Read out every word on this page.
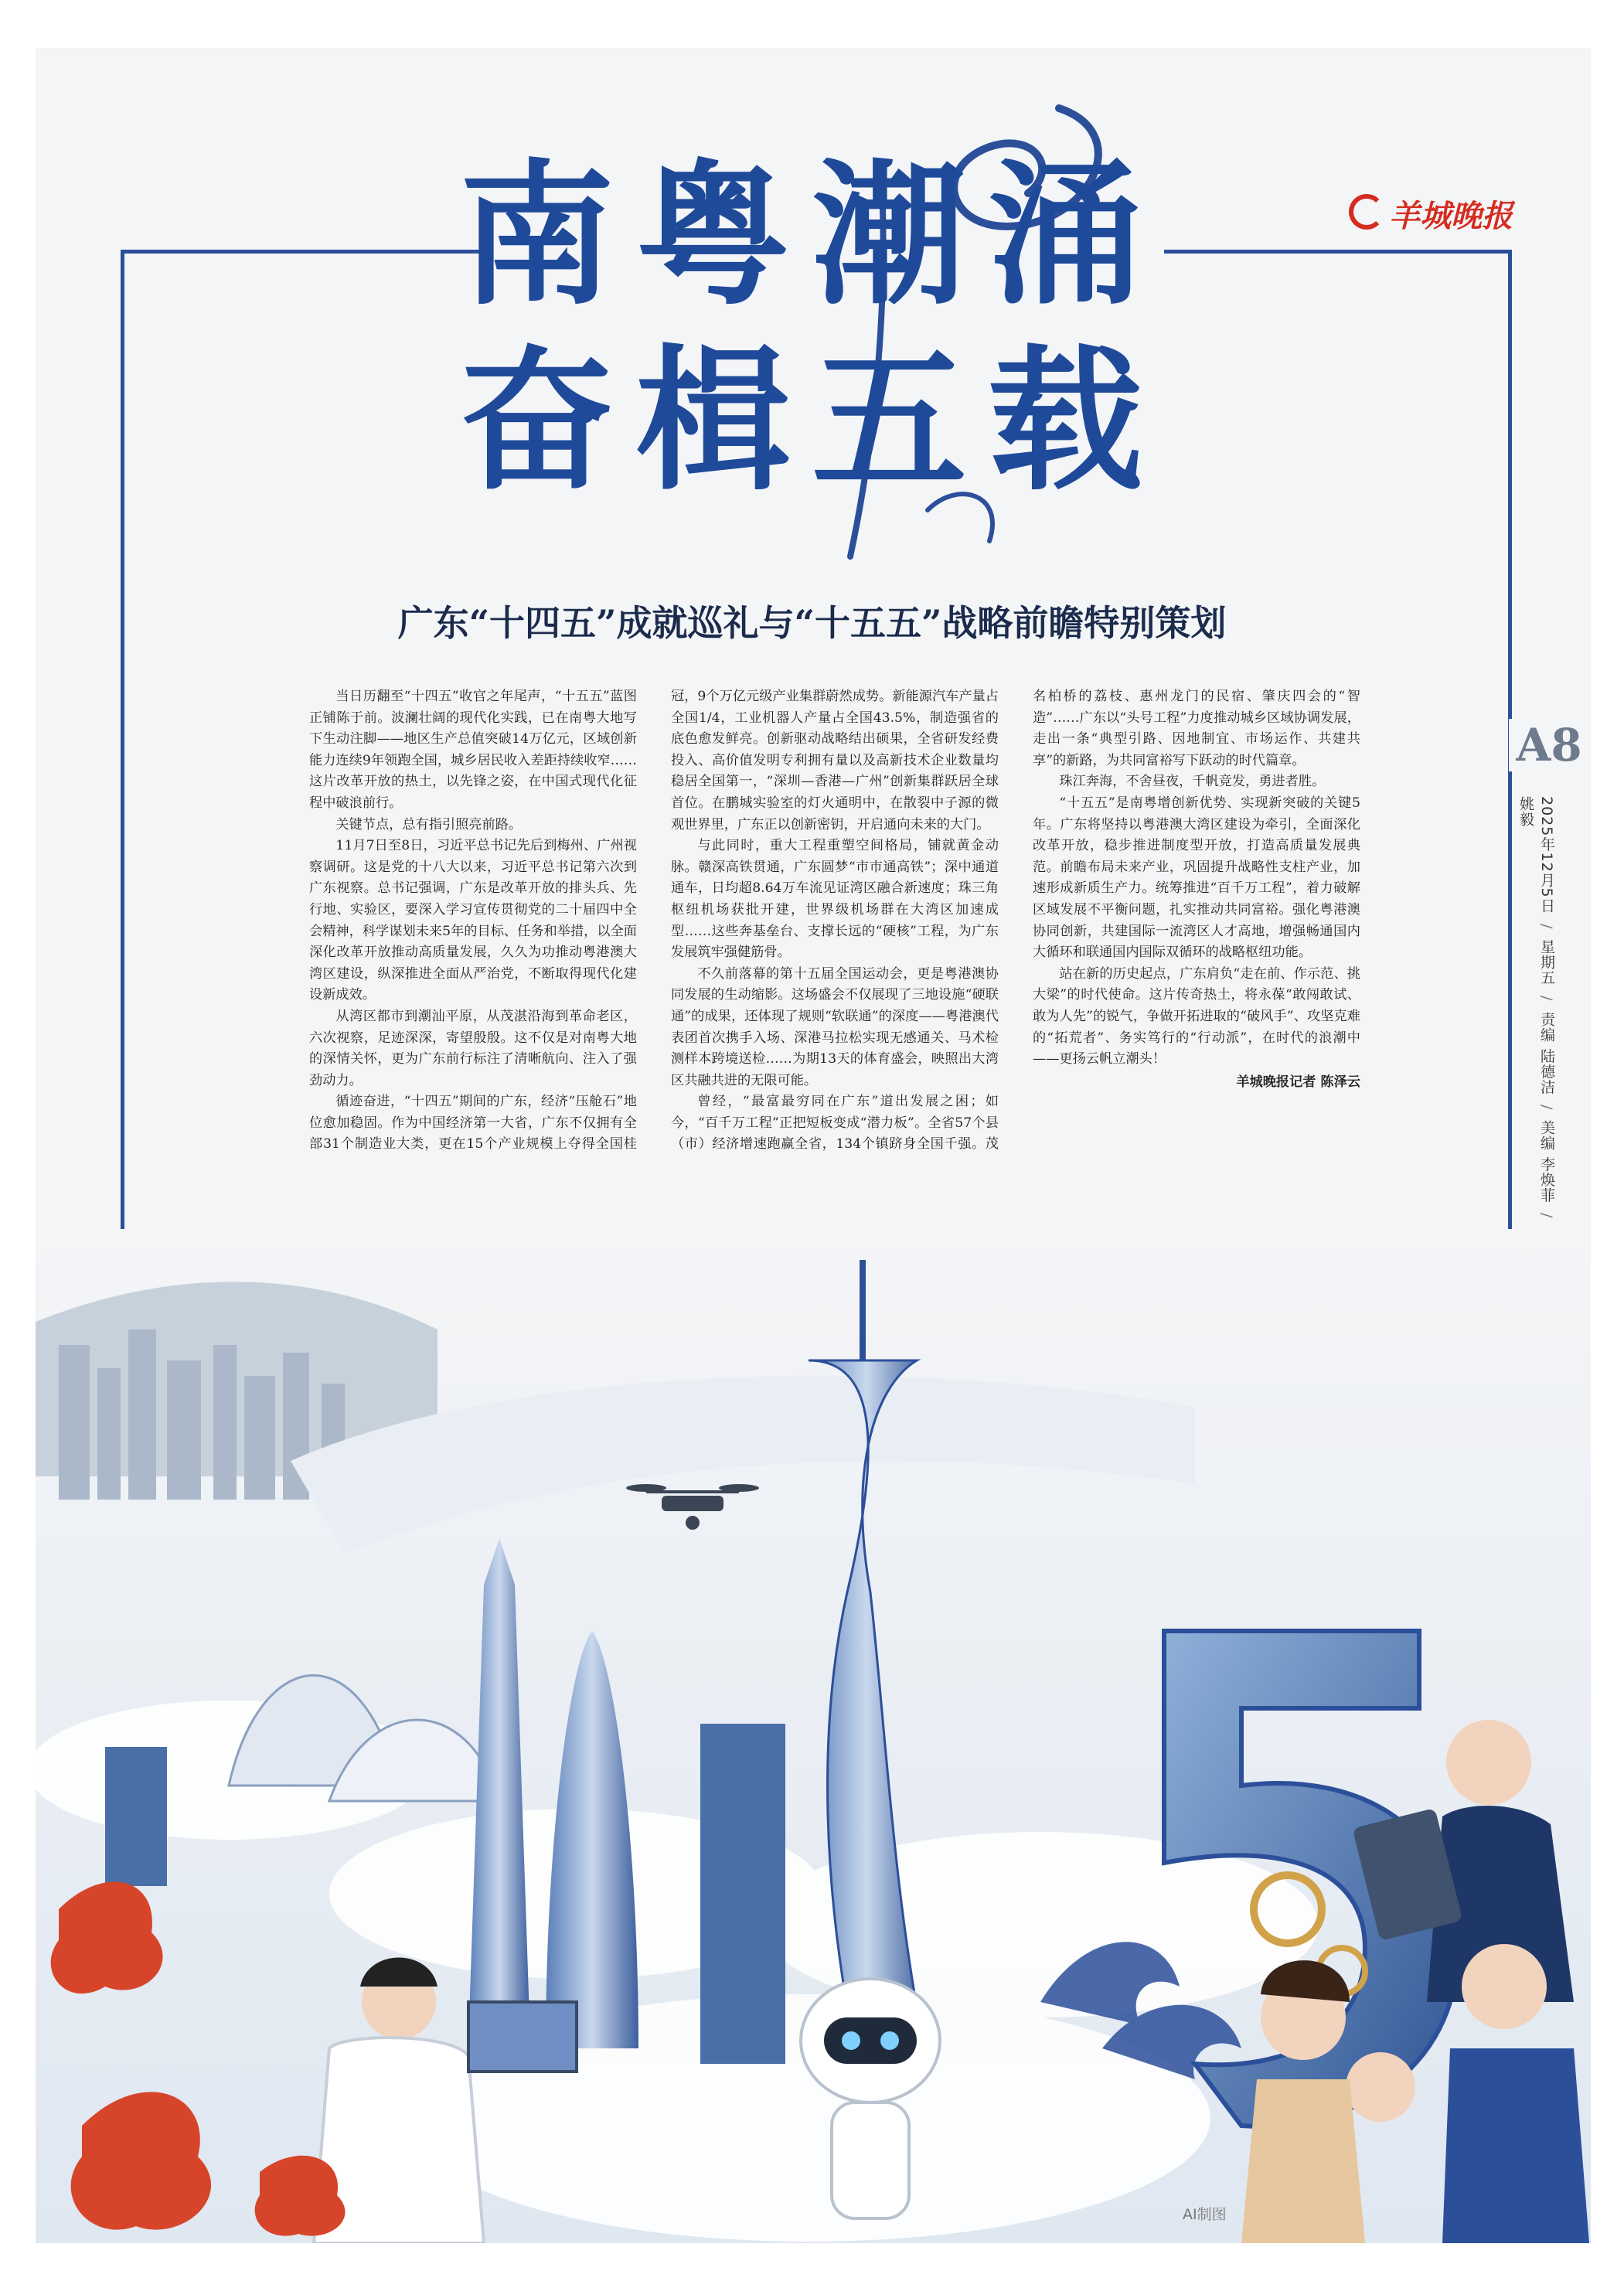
南粤潮涌
奋楫五载
羊城晚报
广东“十四五”成就巡礼与“十五五”战略前瞻特别策划
A8
2025年12月5日 / 星期五 / 责编 陆德洁 / 美编 李焕菲 / 姚毅

当日历翻至“十四五”收官之年尾声，“十五五”蓝图正铺陈于前。波澜壮阔的现代化实践，已在南粤大地写下生动注脚——地区生产总值突破14万亿元，区域创新能力连续9年领跑全国，城乡居民收入差距持续收窄……这片改革开放的热土，以先锋之姿，在中国式现代化征程中破浪前行。

关键节点，总有指引照亮前路。

11月7日至8日，习近平总书记先后到梅州、广州视察调研。这是党的十八大以来，习近平总书记第六次到广东视察。总书记强调，广东是改革开放的排头兵、先行地、实验区，要深入学习宣传贯彻党的二十届四中全会精神，科学谋划未来5年的目标、任务和举措，以全面深化改革开放推动高质量发展，久久为功推动粤港澳大湾区建设，纵深推进全面从严治党，不断取得现代化建设新成效。

从湾区都市到潮汕平原，从茂湛沿海到革命老区，六次视察，足迹深深，寄望殷殷。这不仅是对南粤大地的深情关怀，更为广东前行标注了清晰航向、注入了强劲动力。

循迹奋进，“十四五”期间的广东，经济“压舱石”地位愈加稳固。作为中国经济第一大省，广东不仅拥有全部31个制造业大类，更在15个产业规模上夺得全国桂冠，9个万亿元级产业集群蔚然成势。新能源汽车产量占全国1/4，工业机器人产量占全国43.5%，制造强省的底色愈发鲜亮。创新驱动战略结出硕果，全省研发经费投入、高价值发明专利拥有量以及高新技术企业数量均稳居全国第一，“深圳—香港—广州”创新集群跃居全球首位。在鹏城实验室的灯火通明中，在散裂中子源的微观世界里，广东正以创新密钥，开启通向未来的大门。

与此同时，重大工程重塑空间格局，铺就黄金动脉。赣深高铁贯通，广东圆梦“市市通高铁”；深中通道通车，日均超8.64万车流见证湾区融合新速度；珠三角枢纽机场获批开建，世界级机场群在大湾区加速成型……这些奔基垒台、支撑长远的“硬核”工程，为广东发展筑牢强健筋骨。

不久前落幕的第十五届全国运动会，更是粤港澳协同发展的生动缩影。这场盛会不仅展现了三地设施“硬联通”的成果，还体现了规则“软联通”的深度——粤港澳代表团首次携手入场、深港马拉松实现无感通关、马术检测样本跨境送检……为期13天的体育盛会，映照出大湾区共融共进的无限可能。

曾经，“最富最穷同在广东”道出发展之困；如今，“百千万工程”正把短板变成“潜力板”。全省57个县（市）经济增速跑赢全省，134个镇跻身全国千强。茂名柏桥的荔枝、惠州龙门的民宿、肇庆四会的“智造”……广东以“头号工程”力度推动城乡区域协调发展，走出一条“典型引路、因地制宜、市场运作、共建共享”的新路，为共同富裕写下跃动的时代篇章。

珠江奔海，不舍昼夜，千帆竞发，勇进者胜。

“十五五”是南粤增创新优势、实现新突破的关键5年。广东将坚持以粤港澳大湾区建设为牵引，全面深化改革开放，稳步推进制度型开放，打造高质量发展典范。前瞻布局未来产业，巩固提升战略性支柱产业，加速形成新质生产力。统筹推进“百千万工程”，着力破解区域发展不平衡问题，扎实推动共同富裕。强化粤港澳协同创新，共建国际一流湾区人才高地，增强畅通国内大循环和联通国内国际双循环的战略枢纽功能。

站在新的历史起点，广东肩负“走在前、作示范、挑大梁”的时代使命。这片传奇热土，将永葆“敢闯敢试、敢为人先”的锐气，争做开拓进取的“破风手”、攻坚克难的“拓荒者”、务实笃行的“行动派”，在时代的浪潮中——更扬云帆立潮头！

羊城晚报记者 陈泽云
5
AI制图
